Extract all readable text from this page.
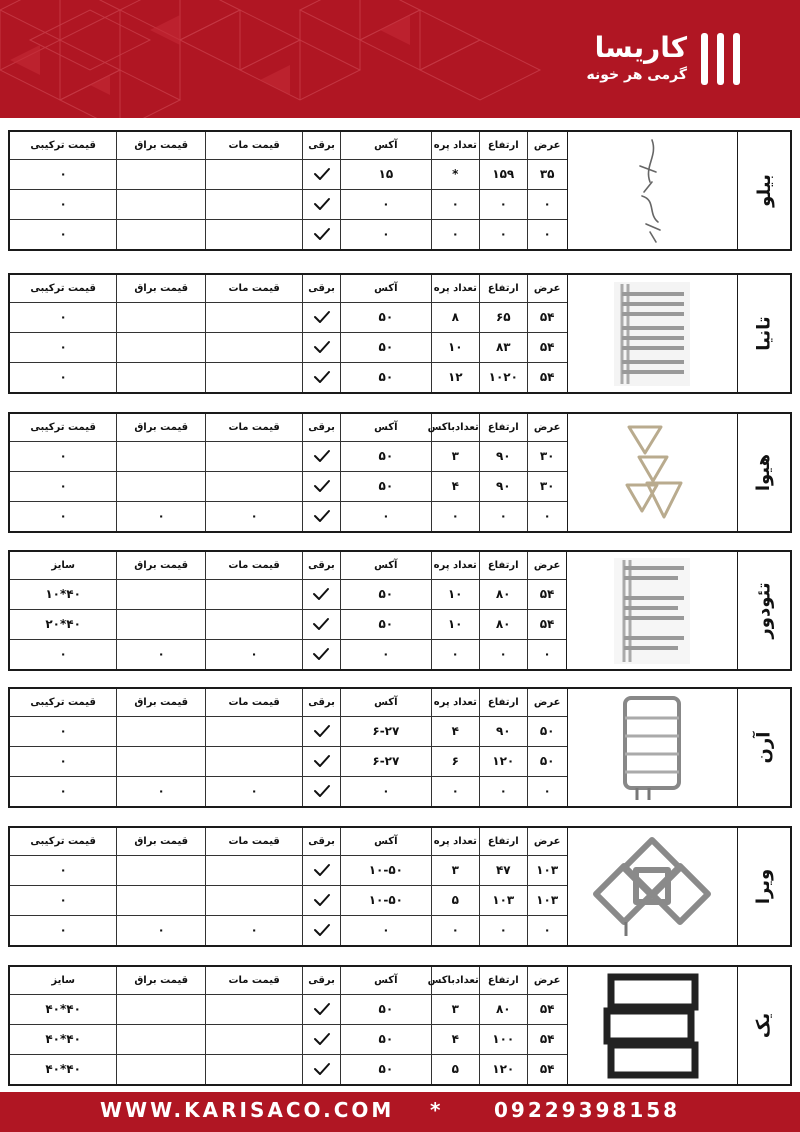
کاریسا
گرمی هر خونه
بیلو
عرض	ارتفاع	تعداد پره	آکس	برقی	قیمت مات	قیمت براق	قیمت ترکیبی
۳۵	۱۵۹	*	۱۵				۰
۰	۰	۰	۰				۰
۰	۰	۰	۰				۰
تانیا
عرض	ارتفاع	تعداد پره	آکس	برقی	قیمت مات	قیمت براق	قیمت ترکیبی
۵۴	۶۵	۸	۵۰				۰
۵۴	۸۳	۱۰	۵۰				۰
۵۴	۱۰۲۰	۱۲	۵۰				۰
هیوا
عرض	ارتفاع	تعدادباکس	آکس	برقی	قیمت مات	قیمت براق	قیمت ترکیبی
۳۰	۹۰	۳	۵۰				۰
۳۰	۹۰	۴	۵۰				۰
۰	۰	۰	۰		۰	۰	۰
تئودور
عرض	ارتفاع	تعداد پره	آکس	برقی	قیمت مات	قیمت براق	سایز
۵۴	۸۰	۱۰	۵۰				۴۰*۱۰
۵۴	۸۰	۱۰	۵۰				۴۰*۲۰
۰	۰	۰	۰		۰	۰	۰
آرن
عرض	ارتفاع	تعداد پره	آکس	برقی	قیمت مات	قیمت براق	قیمت ترکیبی
۵۰	۹۰	۴	۶-۲۷				۰
۵۰	۱۲۰	۶	۶-۲۷				۰
۰	۰	۰	۰		۰	۰	۰
ویرا
عرض	ارتفاع	تعداد پره	آکس	برقی	قیمت مات	قیمت براق	قیمت ترکیبی
۱۰۳	۴۷	۳	۱۰-۵۰				۰
۱۰۳	۱۰۳	۵	۱۰-۵۰				۰
۰	۰	۰	۰		۰	۰	۰
یک
عرض	ارتفاع	تعدادباکس	آکس	برقی	قیمت مات	قیمت براق	سایز
۵۴	۸۰	۳	۵۰				۴۰*۴۰
۵۴	۱۰۰	۴	۵۰				۴۰*۴۰
۵۴	۱۲۰	۵	۵۰				۴۰*۴۰
WWW.KARISACO.COM *	09229398158
